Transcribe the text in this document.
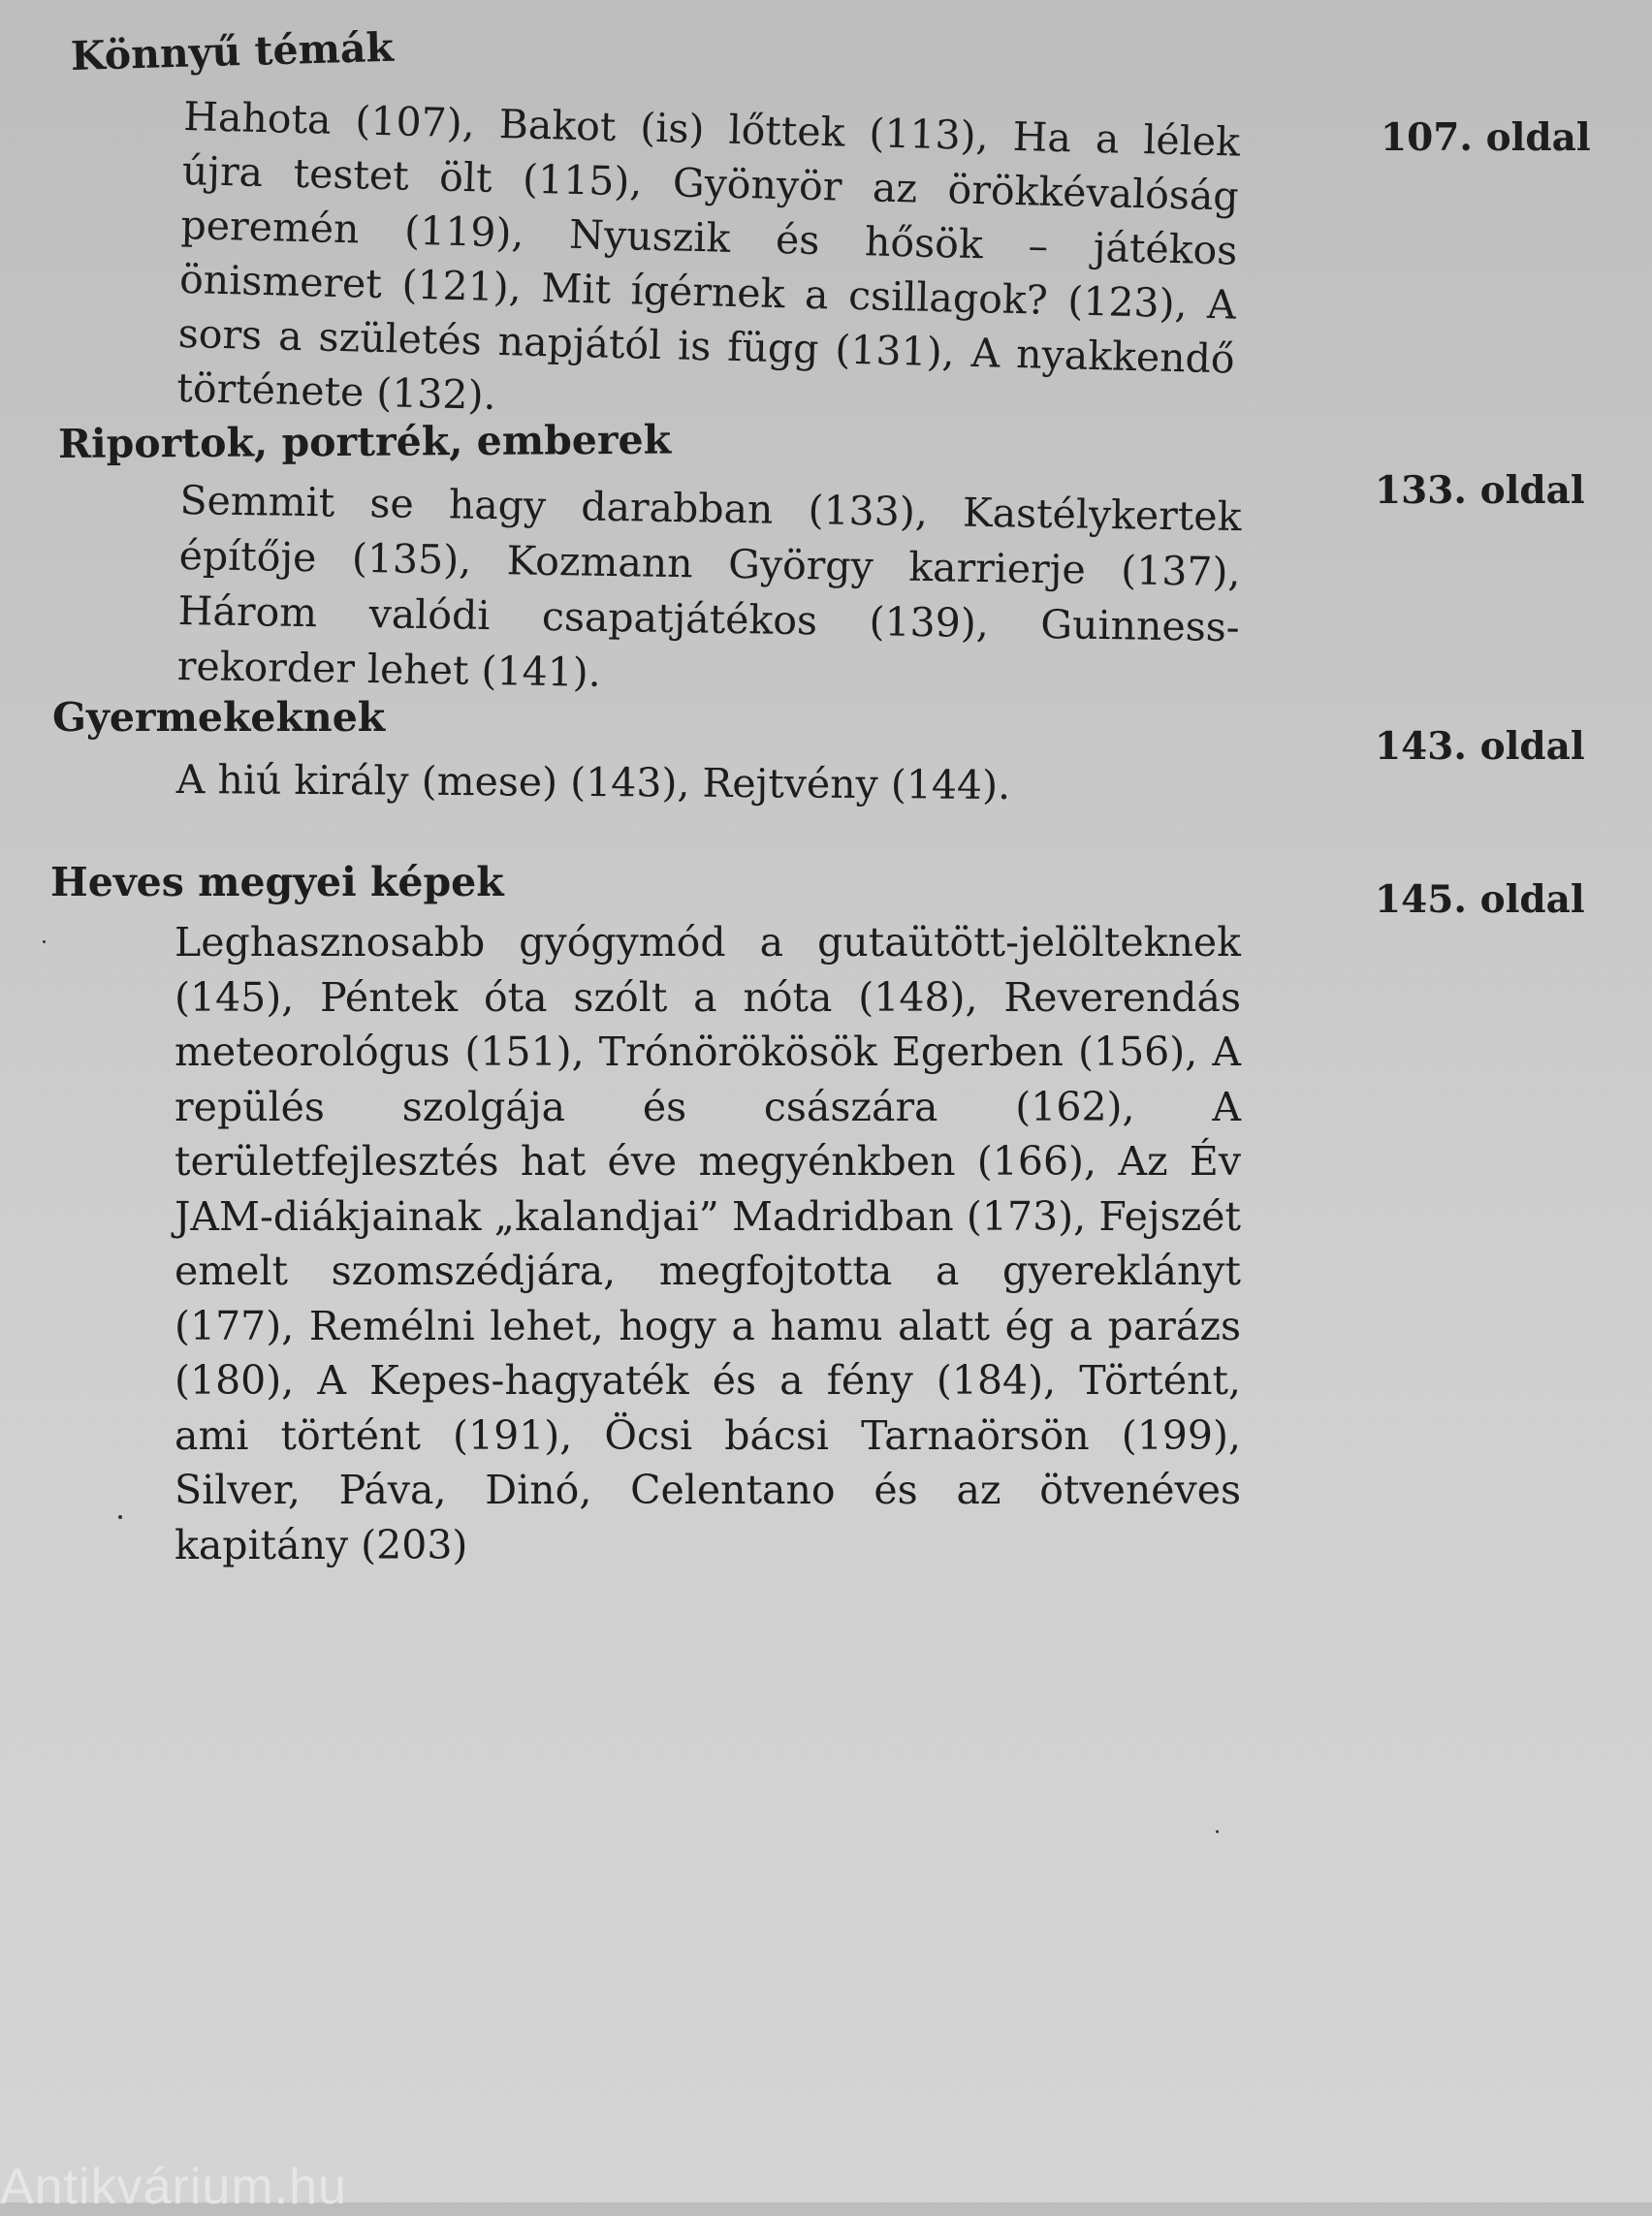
Könnyű témák
107. oldal
Hahota (107), Bakot (is) lőttek (113), Ha a lélek újra testet ölt (115), Gyönyör az örökkévalóság peremén (119), Nyuszik és hősök – játékos önismeret (121), Mit ígérnek a csillagok? (123), A sors a születés napjától is függ (131), A nyakkendő története (132).
Riportok, portrék, emberek
133. oldal
Semmit se hagy darabban (133), Kastélykertek építője (135), Kozmann György karrierje (137), Három valódi csapatjátékos (139), Guinness-rekorder lehet (141).
Gyermekeknek
143. oldal
A hiú király (mese) (143), Rejtvény (144).
Heves megyei képek	145. oldal
Leghasznosabb gyógymód a gutaütött-jelölteknek (145), Péntek óta szólt a nóta (148), Reverendás meteorológus (151), Trónörökösök Egerben (156), A repülés szolgája és császára (162), A területfejlesztés hat éve megyénkben (166), Az Év JAM-diákjainak „kalandjai” Madridban (173), Fejszét emelt szomszédjára, megfojtotta a gyereklányt (177), Remélni lehet, hogy a hamu alatt ég a parázs (180), A Kepes-hagyaték és a fény (184), Történt, ami történt (191), Öcsi bácsi Tarnaörsön (199), Silver, Páva, Dinó, Celentano és az ötvenéves kapitány (203)
Antikvárium.hu
